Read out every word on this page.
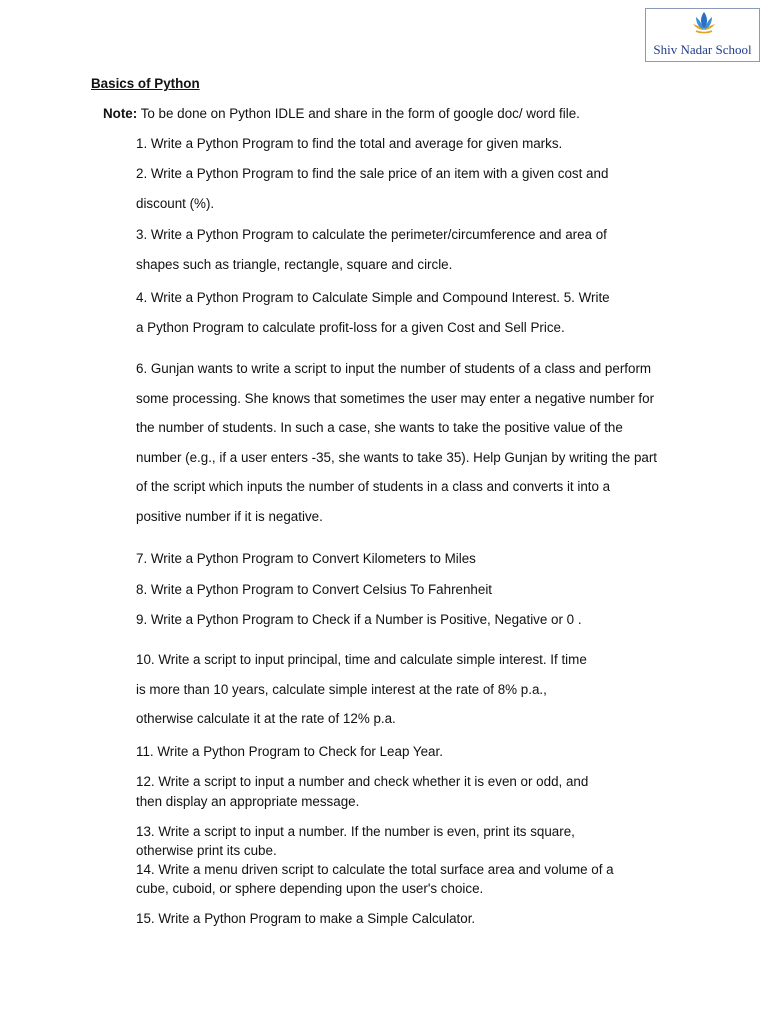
Shiv Nadar School
Basics of Python
Note: To be done on Python IDLE and share in the form of google doc/ word file.
1. Write a Python Program to find the total and average for given marks.
2. Write a Python Program to find the sale price of an item with a given cost and
discount (%).
3. Write a Python Program to calculate the perimeter/circumference and area of
shapes such as triangle, rectangle, square and circle.
4. Write a Python Program to Calculate Simple and Compound Interest. 5. Write
a Python Program to calculate profit-loss for a given Cost and Sell Price.
6. Gunjan wants to write a script to input the number of students of a class and perform
some processing. She knows that sometimes the user may enter a negative number for
the number of students. In such a case, she wants to take the positive value of the
number (e.g., if a user enters -35, she wants to take 35). Help Gunjan by writing the part
of the script which inputs the number of students in a class and converts it into a
positive number if it is negative.
7. Write a Python Program to Convert Kilometers to Miles
8. Write a Python Program to Convert Celsius To Fahrenheit
9. Write a Python Program to Check if a Number is Positive, Negative or 0 .
10. Write a script to input principal, time and calculate simple interest. If time
is more than 10 years, calculate simple interest at the rate of 8% p.a.,
otherwise calculate it at the rate of 12% p.a.
11. Write a Python Program to Check for Leap Year.
12. Write a script to input a number and check whether it is even or odd, and
then display an appropriate message.
13. Write a script to input a number. If the number is even, print its square,
otherwise print its cube.
14. Write a menu driven script to calculate the total surface area and volume of a
cube, cuboid, or sphere depending upon the user's choice.
15. Write a Python Program to make a Simple Calculator.
